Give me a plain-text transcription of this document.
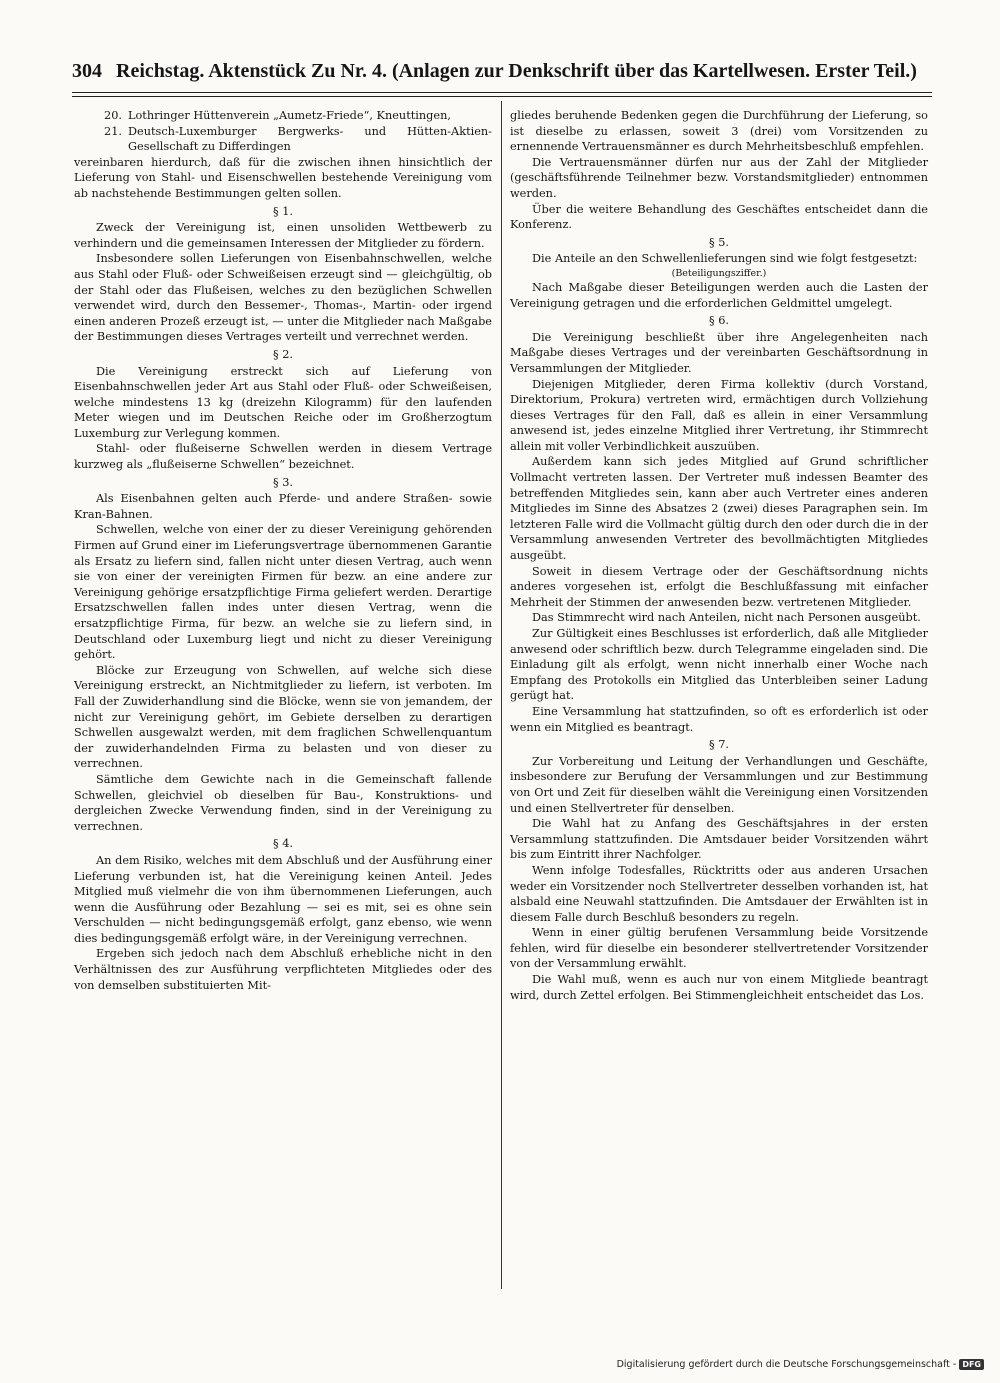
304 Reichstag. Aktenstück Zu Nr. 4. (Anlagen zur Denkschrift über das Kartellwesen. Erster Teil.)
20. Lothringer Hüttenverein „Aumetz-Friede“, Kneuttingen,
21. Deutsch-Luxemburger Bergwerks- und Hütten-Aktien-Gesellschaft zu Differdingen

vereinbaren hierdurch, daß für die zwischen ihnen hinsichtlich der Lieferung von Stahl- und Eisenschwellen bestehende Vereinigung vom ab nachstehende Bestimmungen gelten sollen.

§ 1.

Zweck der Vereinigung ist, einen unsoliden Wettbewerb zu verhindern und die gemeinsamen Interessen der Mitglieder zu fördern.

Insbesondere sollen Lieferungen von Eisenbahnschwellen, welche aus Stahl oder Fluß- oder Schweißeisen erzeugt sind — gleichgültig, ob der Stahl oder das Flußeisen, welches zu den bezüglichen Schwellen verwendet wird, durch den Bessemer-, Thomas-, Martin- oder irgend einen anderen Prozeß erzeugt ist, — unter die Mitglieder nach Maßgabe der Bestimmungen dieses Vertrages verteilt und verrechnet werden.

§ 2.

Die Vereinigung erstreckt sich auf Lieferung von Eisenbahnschwellen jeder Art aus Stahl oder Fluß- oder Schweißeisen, welche mindestens 13 kg (dreizehn Kilogramm) für den laufenden Meter wiegen und im Deutschen Reiche oder im Großherzogtum Luxemburg zur Verlegung kommen.

Stahl- oder flußeiserne Schwellen werden in diesem Vertrage kurzweg als „flußeiserne Schwellen“ bezeichnet.

§ 3.

Als Eisenbahnen gelten auch Pferde- und andere Straßen- sowie Kran-Bahnen.

Schwellen, welche von einer der zu dieser Vereinigung gehörenden Firmen auf Grund einer im Lieferungsvertrage übernommenen Garantie als Ersatz zu liefern sind, fallen nicht unter diesen Vertrag, auch wenn sie von einer der vereinigten Firmen für bezw. an eine andere zur Vereinigung gehörige ersatzpflichtige Firma geliefert werden. Derartige Ersatzschwellen fallen indes unter diesen Vertrag, wenn die ersatzpflichtige Firma, für bezw. an welche sie zu liefern sind, in Deutschland oder Luxemburg liegt und nicht zu dieser Vereinigung gehört.

Blöcke zur Erzeugung von Schwellen, auf welche sich diese Vereinigung erstreckt, an Nichtmitglieder zu liefern, ist verboten. Im Fall der Zuwiderhandlung sind die Blöcke, wenn sie von jemandem, der nicht zur Vereinigung gehört, im Gebiete derselben zu derartigen Schwellen ausgewalzt werden, mit dem fraglichen Schwellenquantum der zuwiderhandelnden Firma zu belasten und von dieser zu verrechnen.

Sämtliche dem Gewichte nach in die Gemeinschaft fallende Schwellen, gleichviel ob dieselben für Bau-, Konstruktions- und dergleichen Zwecke Verwendung finden, sind in der Vereinigung zu verrechnen.

§ 4.

An dem Risiko, welches mit dem Abschluß und der Ausführung einer Lieferung verbunden ist, hat die Vereinigung keinen Anteil. Jedes Mitglied muß vielmehr die von ihm übernommenen Lieferungen, auch wenn die Ausführung oder Bezahlung — sei es mit, sei es ohne sein Verschulden — nicht bedingungsgemäß erfolgt, ganz ebenso, wie wenn dies bedingungsgemäß erfolgt wäre, in der Vereinigung verrechnen.

Ergeben sich jedoch nach dem Abschluß erhebliche nicht in den Verhältnissen des zur Ausführung verpflichteten Mitgliedes oder des von demselben substituierten Mit-

gliedes beruhende Bedenken gegen die Durchführung der Lieferung, so ist dieselbe zu erlassen, soweit 3 (drei) vom Vorsitzenden zu ernennende Vertrauensmänner es durch Mehrheitsbeschluß empfehlen.

Die Vertrauensmänner dürfen nur aus der Zahl der Mitglieder (geschäftsführende Teilnehmer bezw. Vorstandsmitglieder) entnommen werden.

Über die weitere Behandlung des Geschäftes entscheidet dann die Konferenz.

§ 5.

Die Anteile an den Schwellenlieferungen sind wie folgt festgesetzt:

(Beteiligungsziffer.)

Nach Maßgabe dieser Beteiligungen werden auch die Lasten der Vereinigung getragen und die erforderlichen Geldmittel umgelegt.

§ 6.

Die Vereinigung beschließt über ihre Angelegenheiten nach Maßgabe dieses Vertrages und der vereinbarten Geschäftsordnung in Versammlungen der Mitglieder.

Diejenigen Mitglieder, deren Firma kollektiv (durch Vorstand, Direktorium, Prokura) vertreten wird, ermächtigen durch Vollziehung dieses Vertrages für den Fall, daß es allein in einer Versammlung anwesend ist, jedes einzelne Mitglied ihrer Vertretung, ihr Stimmrecht allein mit voller Verbindlichkeit auszuüben.

Außerdem kann sich jedes Mitglied auf Grund schriftlicher Vollmacht vertreten lassen. Der Vertreter muß indessen Beamter des betreffenden Mitgliedes sein, kann aber auch Vertreter eines anderen Mitgliedes im Sinne des Absatzes 2 (zwei) dieses Paragraphen sein. Im letzteren Falle wird die Vollmacht gültig durch den oder durch die in der Versammlung anwesenden Vertreter des bevollmächtigten Mitgliedes ausgeübt.

Soweit in diesem Vertrage oder der Geschäftsordnung nichts anderes vorgesehen ist, erfolgt die Beschlußfassung mit einfacher Mehrheit der Stimmen der anwesenden bezw. vertretenen Mitglieder.

Das Stimmrecht wird nach Anteilen, nicht nach Personen ausgeübt.

Zur Gültigkeit eines Beschlusses ist erforderlich, daß alle Mitglieder anwesend oder schriftlich bezw. durch Telegramme eingeladen sind. Die Einladung gilt als erfolgt, wenn nicht innerhalb einer Woche nach Empfang des Protokolls ein Mitglied das Unterbleiben seiner Ladung gerügt hat.

Eine Versammlung hat stattzufinden, so oft es erforderlich ist oder wenn ein Mitglied es beantragt.

§ 7.

Zur Vorbereitung und Leitung der Verhandlungen und Geschäfte, insbesondere zur Berufung der Versammlungen und zur Bestimmung von Ort und Zeit für dieselben wählt die Vereinigung einen Vorsitzenden und einen Stellvertreter für denselben.

Die Wahl hat zu Anfang des Geschäftsjahres in der ersten Versammlung stattzufinden. Die Amtsdauer beider Vorsitzenden währt bis zum Eintritt ihrer Nachfolger.

Wenn infolge Todesfalles, Rücktritts oder aus anderen Ursachen weder ein Vorsitzender noch Stellvertreter desselben vorhanden ist, hat alsbald eine Neuwahl stattzufinden. Die Amtsdauer der Erwählten ist in diesem Falle durch Beschluß besonders zu regeln.

Wenn in einer gültig berufenen Versammlung beide Vorsitzende fehlen, wird für dieselbe ein besonderer stellvertretender Vorsitzender von der Versammlung erwählt.

Die Wahl muß, wenn es auch nur von einem Mitgliede beantragt wird, durch Zettel erfolgen. Bei Stimmengleichheit entscheidet das Los.

Digitalisierung gefördert durch die Deutsche Forschungsgemeinschaft - DFG
